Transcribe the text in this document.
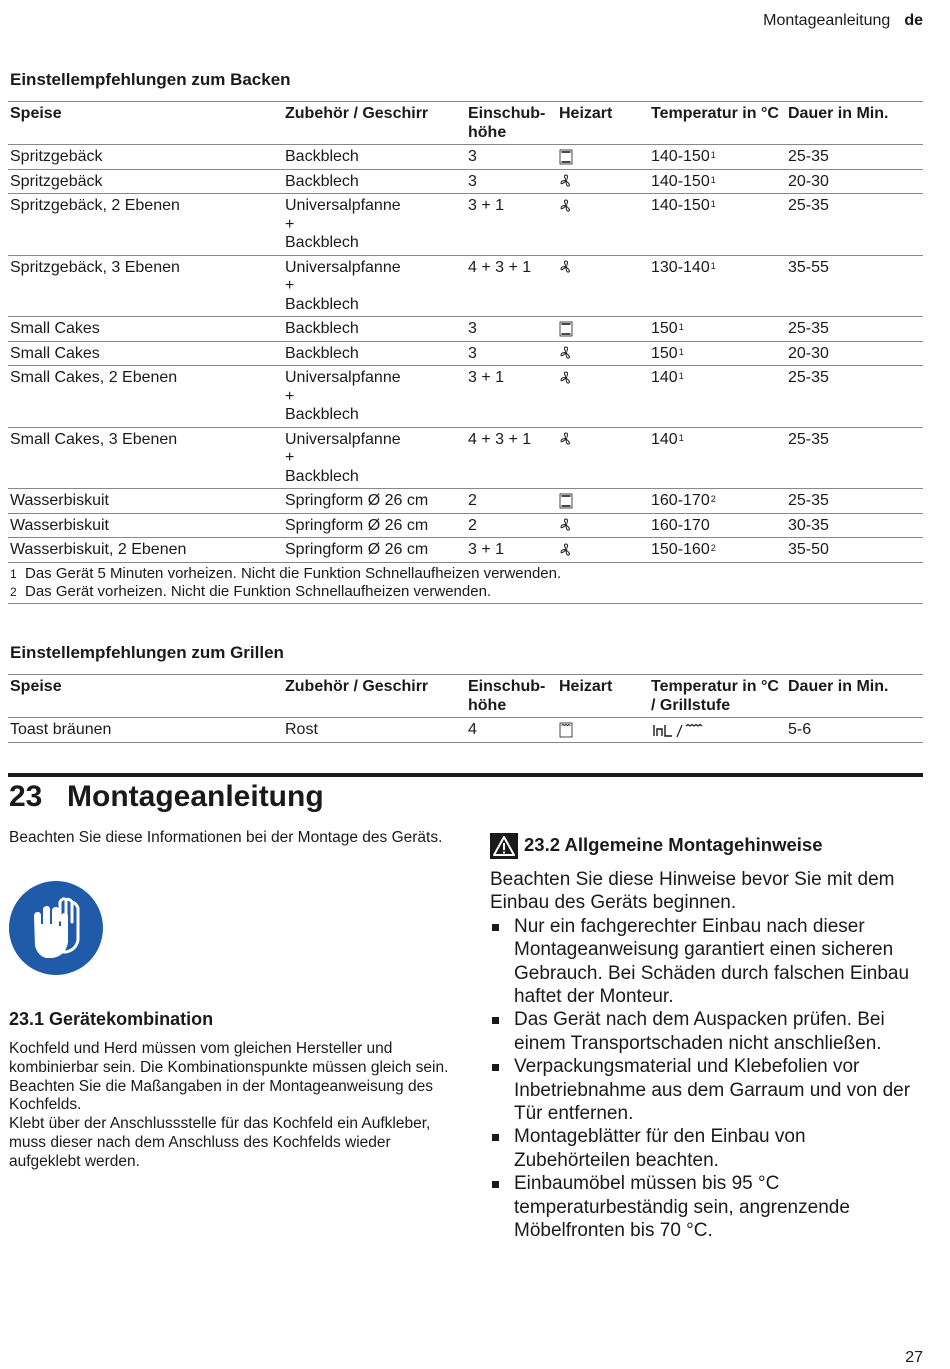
Montageanleitung de
Einstellempfehlungen zum Backen
Speise	Zubehör / Geschirr	Einschub-höhe	Heizart	Temperatur in °C	Dauer in Min.
Spritzgebäck	Backblech	3		$140-150^1$	25-35
Spritzgebäck	Backblech	3		$140-150^1$	20-30
Spritzgebäck, 2 Ebenen	Universalpfanne
+
Backblech	3 + 1		$140-150^1$	25-35
Spritzgebäck, 3 Ebenen	Universalpfanne
+
Backblech	4 + 3 + 1		$130-140^1$	35-55
Small Cakes	Backblech	3		$150^1$	25-35
Small Cakes	Backblech	3		$150^1$	20-30
Small Cakes, 2 Ebenen	Universalpfanne
+
Backblech	3 + 1		$140^1$	25-35
Small Cakes, 3 Ebenen	Universalpfanne
+
Backblech	4 + 3 + 1		$140^1$	25-35
Wasserbiskuit	Springform Ø 26 cm	2		$160-170^2$	25-35
Wasserbiskuit	Springform Ø 26 cm	2		160-170	30-35
Wasserbiskuit, 2 Ebenen	Springform Ø 26 cm	3 + 1		$150-160^2$	35-50

1 Das Gerät 5 Minuten vorheizen. Nicht die Funktion Schnellaufheizen verwenden.
2 Das Gerät vorheizen. Nicht die Funktion Schnellaufheizen verwenden.					
Einstellempfehlungen zum Grillen
Speise	Zubehör / Geschirr	Einschub-höhe	Heizart	Temperatur in °C / Grillstufe	Dauer in Min.
Toast bräunen	Rost	4			5-6
23 Montageanleitung

Beachten Sie diese Informationen bei der Montage des Geräts.

23.1 Gerätekombination

Kochfeld und Herd müssen vom gleichen Hersteller und kombinierbar sein. Die Kombinationspunkte müssen gleich sein.

Beachten Sie die Maßangaben in der Montageanweisung des Kochfelds.

Klebt über der Anschlussstelle für das Kochfeld ein Aufkleber, muss dieser nach dem Anschluss des Kochfelds wieder aufgeklebt werden.

23.2 Allgemeine Montagehinweise

Beachten Sie diese Hinweise bevor Sie mit dem Einbau des Geräts beginnen.

Nur ein fachgerechter Einbau nach dieser Montageanweisung garantiert einen sicheren Gebrauch. Bei Schäden durch falschen Einbau haftet der Monteur.
Das Gerät nach dem Auspacken prüfen. Bei einem Transportschaden nicht anschließen.
Verpackungsmaterial und Klebefolien vor Inbetriebnahme aus dem Garraum und von der Tür entfernen.
Montageblätter für den Einbau von Zubehörteilen beachten.
Einbaumöbel müssen bis 95 °C temperaturbeständig sein, angrenzende Möbelfronten bis 70 °C.
27
